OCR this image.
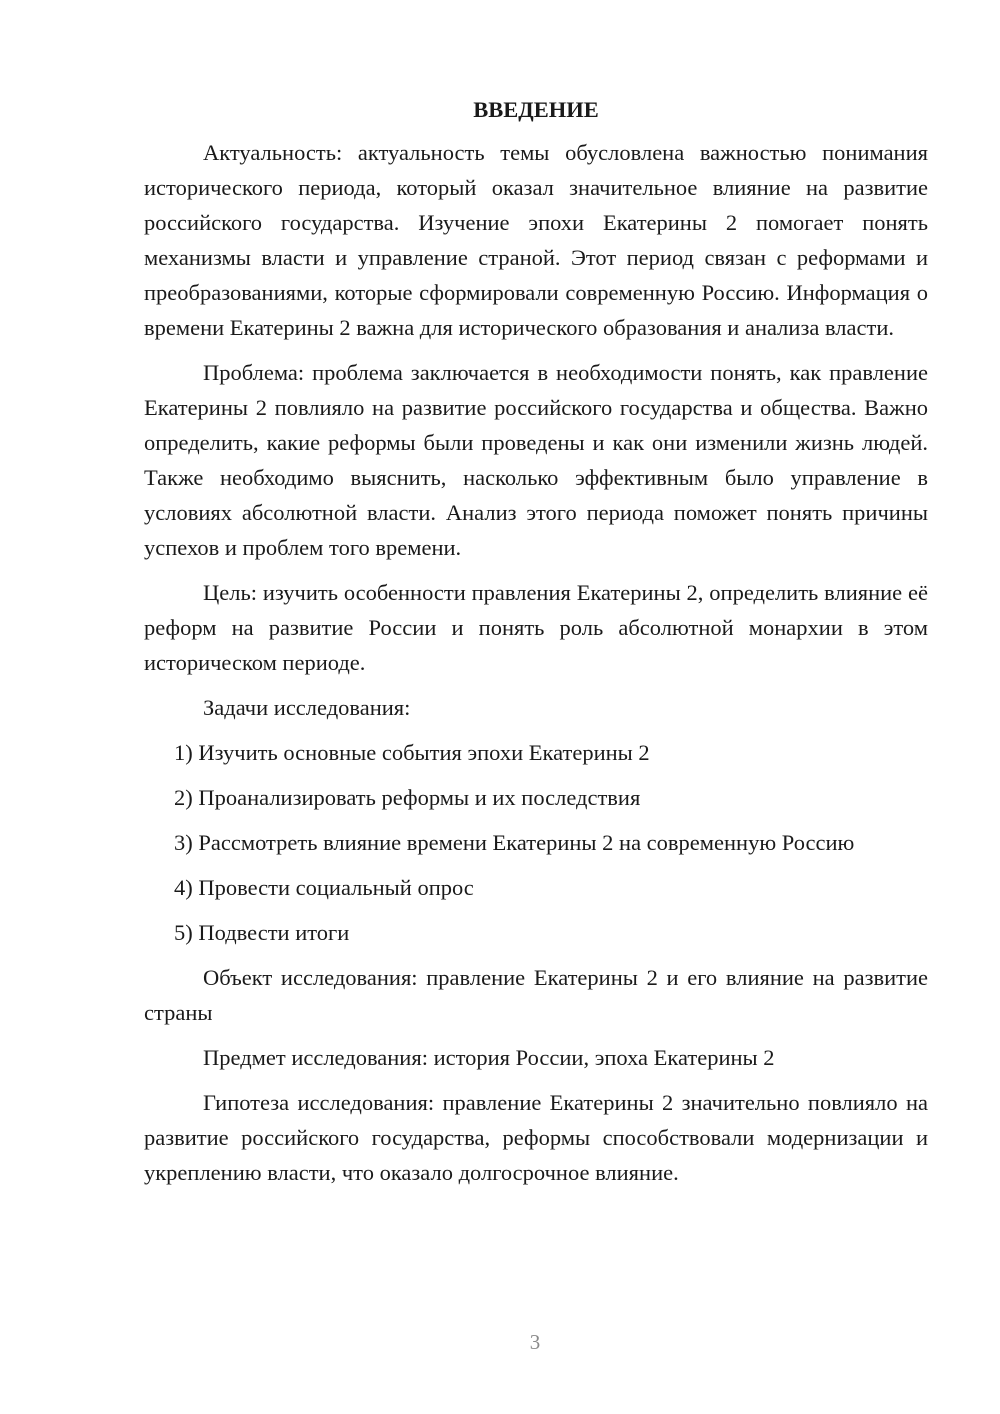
ВВЕДЕНИЕ

Актуальность: актуальность темы обусловлена важностью понимания исторического периода, который оказал значительное влияние на развитие российского государства. Изучение эпохи Екатерины 2 помогает понять механизмы власти и управление страной. Этот период связан с реформами и преобразованиями, которые сформировали современную Россию. Информация о времени Екатерины 2 важна для исторического образования и анализа власти.

Проблема: проблема заключается в необходимости понять, как правление Екатерины 2 повлияло на развитие российского государства и общества. Важно определить, какие реформы были проведены и как они изменили жизнь людей. Также необходимо выяснить, насколько эффективным было управление в условиях абсолютной власти. Анализ этого периода поможет понять причины успехов и проблем того времени.

Цель: изучить особенности правления Екатерины 2, определить влияние её реформ на развитие России и понять роль абсолютной монархии в этом историческом периоде.

Задачи исследования:

1) Изучить основные события эпохи Екатерины 2

2) Проанализировать реформы и их последствия

3) Рассмотреть влияние времени Екатерины 2 на современную Россию

4) Провести социальный опрос

5) Подвести итоги

Объект исследования: правление Екатерины 2 и его влияние на развитие страны

Предмет исследования: история России, эпоха Екатерины 2

Гипотеза исследования: правление Екатерины 2 значительно повлияло на развитие российского государства, реформы способствовали модернизации и укреплению власти, что оказало долгосрочное влияние.

3
